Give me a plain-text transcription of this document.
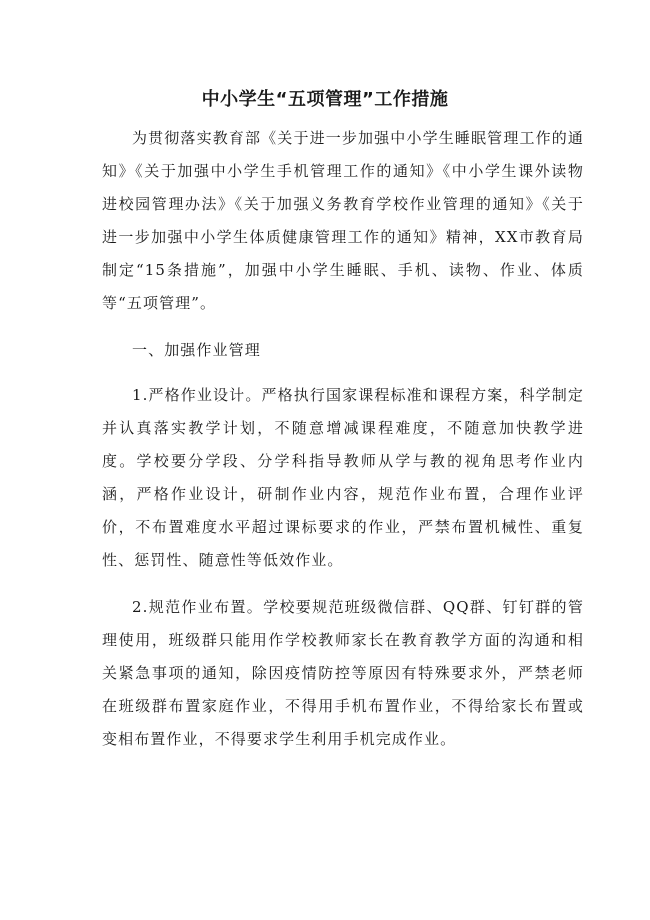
中小学生“五项管理”工作措施

为贯彻落实教育部《关于进一步加强中小学生睡眠管理工作的通知》《关于加强中小学生手机管理工作的通知》《中小学生课外读物进校园管理办法》《关于加强义务教育学校作业管理的通知》《关于进一步加强中小学生体质健康管理工作的通知》精神，XX市教育局制定“15条措施”，加强中小学生睡眠、手机、读物、作业、体质等“五项管理”。

一、加强作业管理

1.严格作业设计。严格执行国家课程标准和课程方案，科学制定并认真落实教学计划，不随意增减课程难度，不随意加快教学进度。学校要分学段、分学科指导教师从学与教的视角思考作业内涵，严格作业设计，研制作业内容，规范作业布置，合理作业评价，不布置难度水平超过课标要求的作业，严禁布置机械性、重复性、惩罚性、随意性等低效作业。

2.规范作业布置。学校要规范班级微信群、QQ群、钉钉群的管理使用，班级群只能用作学校教师家长在教育教学方面的沟通和相关紧急事项的通知，除因疫情防控等原因有特殊要求外，严禁老师在班级群布置家庭作业，不得用手机布置作业，不得给家长布置或变相布置作业，不得要求学生利用手机完成作业。
